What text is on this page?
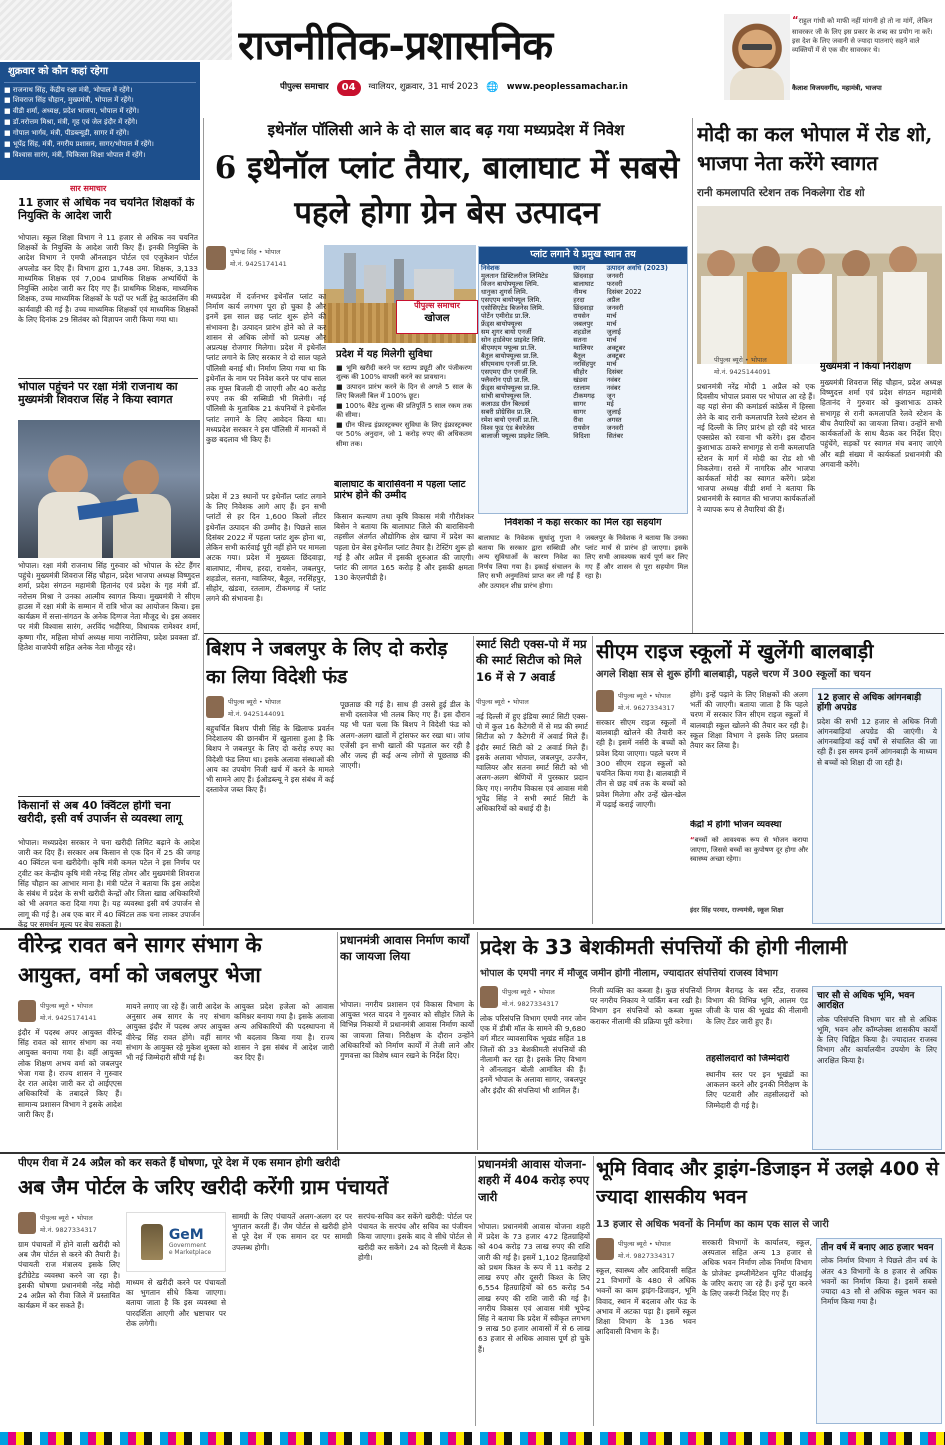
राजनीतिक-प्रशासनिक
पीपुल्स समाचार	04	ग्वालियर, शुक्रवार, 31 मार्च 2023 🌐 www.peoplessamachar.in
“राहुल गांधी को माफी नहीं मांगनी हो तो ना मांगें, लेकिन सावरकर जी के लिए इस प्रकार के शब्द का प्रयोग ना करें। इस देश के लिए जवानी से ज्यादा यातनाएं सहने वाले व्यक्तियों में से एक वीर सावरकर थे।
कैलाश विजयवर्गीय, महामंत्री, भाजपा
शुक्रवार को कौन कहां रहेगा
■ राजनाथ सिंह, केंद्रीय रक्षा मंत्री, भोपाल में रहेंगे।
■ शिवराज सिंह चौहान, मुख्यमंत्री, भोपाल में रहेंगे।
■ वीडी शर्मा, अध्यक्ष, प्रदेश भाजपा, भोपाल में रहेंगे।
■ डॉ.नरोत्तम मिश्रा, मंत्री, गृह एवं जेल इंदौर में रहेंगे।
■ गोपाल भार्गव, मंत्री, पीडब्ल्यूडी, सागर में रहेंगे।
■ भूपेंद्र सिंह, मंत्री, नगरीय प्रशासन, सागर/भोपाल में रहेंगे।
■ विश्वास सारंग, मंत्री, चिकित्सा शिक्षा भोपाल में रहेंगे।
सार समाचार
11 हजार से अधिक नव चयनित शिक्षकों के नियुक्ति के आदेश जारी
भोपाल। स्कूल शिक्षा विभाग ने 11 हजार से अधिक नव चयनित शिक्षकों के नियुक्ति के आदेश जारी किए हैं। इनकी नियुक्ति के आदेश विभाग ने एमपी ऑनलाइन पोर्टल एवं एजुकेशन पोर्टल अपलोड कर दिए हैं। विभाग द्वारा 1,748 उमा. शिक्षक, 3,133 माध्यमिक शिक्षक एवं 7,004 प्राथमिक शिक्षक अभ्यर्थियों के नियुक्ति आदेश जारी कर दिए गए हैं। प्राथमिक शिक्षक, माध्यमिक शिक्षक, उच्च माध्यमिक शिक्षकों के पदों पर भर्ती हेतु काउंसलिंग की कार्यवाही की गई है। उच्च माध्यमिक शिक्षकों एवं माध्यमिक शिक्षकों के लिए दिनांक 29 सितंबर को विज्ञापन जारी किया गया था।
भोपाल पहुंचने पर रक्षा मंत्री राजनाथ का मुख्यमंत्री शिवराज सिंह ने किया स्वागत
भोपाल। रक्षा मंत्री राजनाथ सिंह गुरुवार को भोपाल के स्टेट हैंगर पहुंचे। मुख्यमंत्री शिवराज सिंह चौहान, प्रदेश भाजपा अध्यक्ष विष्णुदत्त शर्मा, प्रदेश संगठन महामंत्री हितानंद एवं प्रदेश के गृह मंत्री डॉ. नरोत्तम मिश्रा ने उनका आत्मीय स्वागत किया। मुख्यमंत्री ने सीएम हाउस में रक्षा मंत्री के सम्मान में रात्रि भोज का आयोजन किया। इस कार्यक्रम में सत्ता-संगठन के अनेक दिग्गज नेता मौजूद थे। इस अवसर पर मंत्री विश्वास सारंग, अरविंद भदौरिया, विधायक रामेश्वर शर्मा, कृष्णा गौर, महिला मोर्चा अध्यक्ष माया नारोलिया, प्रदेश प्रवक्ता डॉ. हितेश वाजपेयी सहित अनेक नेता मौजूद रहे।
किसानों से अब 40 क्विंटल होगी चना खरीदी, इसी वर्ष उपार्जन से व्यवस्था लागू
भोपाल। मध्यप्रदेश सरकार ने चना खरीदी लिमिट बढ़ाने के आदेश जारी कर दिए हैं। सरकार अब किसान से एक दिन में 25 की जगह 40 क्विंटल चना खरीदेगी। कृषि मंत्री कमल पटेल ने इस निर्णय पर ट्वीट कर केन्द्रीय कृषि मंत्री नरेन्द्र सिंह तोमर और मुख्यमंत्री शिवराज सिंह चौहान का आभार माना है। मंत्री पटेल ने बताया कि इस आदेश के संबंध में प्रदेश के सभी खरीदी केन्द्रों और जिला खाद्य अधिकारियों को भी अवगत करा दिया गया है। यह व्यवस्था इसी वर्ष उपार्जन से लागू की गई है। अब एक बार में 40 क्विंटल तक चना लाकर उपार्जन केंद्र पर समर्थन मूल्य पर बेच सकता है।
इथेनॉल पॉलिसी आने के दो साल बाद बढ़ गया मध्यप्रदेश में निवेश
6 इथेनॉल प्लांट तैयार, बालाघाट में सबसे पहले होगा ग्रेन बेस उत्पादन
पुष्पेन्द्र सिंह • भोपाल
मो.नं. 9425174141
पीपुल्स समाचार
खोजल
मध्यप्रदेश में दर्जनभर इथेनॉल प्लांट का निर्माण कार्य लगभग पूरा हो चुका है और इनमें इस साल छह प्लांट शुरू होने की संभावना है। उत्पादन प्रारंभ होने को ले कर शासन से अधिक लोगों को प्रत्यक्ष और अप्रत्यक्ष रोजगार मिलेगा। प्रदेश में इथेनॉल प्लांट लगाने के लिए सरकार ने दो साल पहले पॉलिसी बनाई थी। निर्माण लिया गया था कि इथेनॉल के नाम पर निवेश करने पर पांच साल तक मुफ्त बिजली दी जाएगी और 40 करोड़ रुपए तक की सब्सिडी भी मिलेगी। नई पॉलिसी के मुताबिक 21 कंपनियों ने इथेनॉल प्लांट लगाने के लिए आवेदन किया था। मध्यप्रदेश सरकार ने इस पॉलिसी में मानकों में कुछ बदलाव भी किए हैं।
प्रदेश में 23 स्थानों पर इथेनॉल प्लांट लगाने के लिए निवेशक आगे आए हैं। इन सभी प्लांटों से हर दिन 1,600 किलो लीटर इथेनॉल उत्पादन की उम्मीद है। पिछले साल दिसंबर 2022 में पहला प्लांट शुरू होना था, लेकिन सभी कार्रवाई पूरी नहीं होने पर मामला अटक गया। प्रदेश में मुख्यतः छिंदवाड़ा, बालाघाट, नीमच, हरदा, रायसेन, जबलपुर, शहडोल, सतना, ग्वालियर, बैतूल, नरसिंहपुर, सीहोर, खंडवा, रतलाम, टीकमगढ़ में प्लांट लगने की संभावना है।
प्रदेश में यह मिलेगी सुविधा
■ भूमि खरीदी करने पर स्टाम्प ड्यूटी और पंजीकरण शुल्क की 100% वापसी करने का प्रावधान।
■ उत्पादन प्रारंभ करने के दिन से अगले 5 साल के लिए बिजली बिल में 100% छूट।
■ 100% बैंटेड शुल्क की प्रतिपूर्ति 5 साल रकम तक की सीमा।
■ ग्रीन फील्ड इंफ्रास्ट्रक्चर सुविधा के लिए इंफ्रास्ट्रक्चर पर 50% अनुदान, जो 1 करोड़ रुपए की अधिकतम सीमा तक।
बालाघाट के बारासिवनी में पहला प्लांट प्रारंभ होने की उम्मीद
किसान कल्याण तथा कृषि विकास मंत्री गौरीशंकर बिसेन ने बताया कि बालाघाट जिले की बारासिवनी तहसील अंतर्गत औद्योगिक क्षेत्र खापा में प्रदेश का पहला ग्रेन बेस इथेनॉल प्लांट तैयार है। टेस्टिंग शुरू हो गई है और अप्रैल में इसकी शुरुआत की जाएगी। प्लांट की लागत 165 करोड़ है और इसकी क्षमता 130 केएलपीडी है।
प्लांट लगाने ये प्रमुख स्थान तय
निवेशक	स्थान	उत्पादन अवधि (2023)
मुलतान डिस्टिलरीज लिमिटेड	छिंदवाड़ा	जनवरी
विजन बायोफ्यूल्स लिमि.	बालाघाट	फरवरी
धानुका शुगर्स लिमि.	नीमच	दिसंबर 2022
एसएएम बायोफ्यूल लिमि.	हरदा	अप्रैल
एसोसिएटेड बिजनेस लिमि.	छिंदवाड़ा	जनवरी
पोर्टेन एमीरोड प्रा.लि.	रायसेन	मार्च
फ्रेंड्स बायोफ्यूल्स	जबलपुर	मार्च
सम शुगर बायो एनर्जी	शहडोल	जुलाई
सोन हार्डवेयर प्राइवेट लिमि.	सतना	मार्च
बीएमएम फ्यूल्स प्रा.लि.	ग्वालियर	अक्टूबर
बैतूल बायोफ्यूल्स प्रा.लि.	बैतूल	अक्टूबर
सीएमवाय एनर्जी प्रा.लि.	नरसिंहपुर	मार्च
एसएमए ग्रीन एनर्जी लि.	सीहोर	दिसंबर
फ्लैवरोन एग्रो प्रा.लि.	खंडवा	नवंबर
फ्रैंड्स बायोफ्यूल्स प्रा.लि.	रतलाम	नवंबर
सांची बायोफ्यूल्स लि.	टीकमगढ़	जून
कलाउड ग्रीन बिल्डर्स	सागर	मई
सबरी प्रोग्रेसिव प्रा.लि.	सागर	जुलाई
रमेश बायो एनर्जी प्रा.लि.	रीवा	अगस्त
विश्व फूड एंड बेवरेजेस	रायसेन	जनवरी
बालाजी फ्यूल्स प्राइवेट लिमि.	विदिशा	सितंबर
निवेशकों ने कहा सरकार का मिल रहा सहयोग
बालाघाट के निवेशक सुधांशु गुप्ता ने बताया कि सरकार द्वारा सब्सिडी और अन्य सुविधाओं के कारण निवेश का निर्णय लिया गया है। इकाई संचालन के लिए सभी अनुमतियां प्राप्त कर ली गई हैं और उत्पादन शीघ्र प्रारंभ होगा।
जबलपुर के निवेशक ने बताया कि उनका प्लांट मार्च से प्रारंभ हो जाएगा। इसके लिए सभी आवश्यक कार्य पूर्ण कर लिए गए हैं और शासन से पूरा सहयोग मिल रहा है।
मोदी का कल भोपाल में रोड शो, भाजपा नेता करेंगे स्वागत
रानी कमलापति स्टेशन तक निकलेगा रोड शो
पीपुल्स ब्यूरो • भोपाल
मो.नं. 9425144091
प्रधानमंत्री नरेंद्र मोदी 1 अप्रैल को एक दिवसीय भोपाल प्रवास पर भोपाल आ रहे हैं। वह यहां सेना की कमांडर्स कांफ्रेंस में हिस्सा लेने के बाद रानी कमलापति रेलवे स्टेशन से नई दिल्ली के लिए प्रारंभ हो रही वंदे भारत एक्सप्रेस को रवाना भी करेंगे। इस दौरान कुशाभाऊ ठाकरे सभागृह से रानी कमलापति स्टेशन के मार्ग में मोदी का रोड शो भी निकलेगा। रास्ते में नागरिक और भाजपा कार्यकर्ता मोदी का स्वागत करेंगे। प्रदेश भाजपा अध्यक्ष वीडी शर्मा ने बताया कि प्रधानमंत्री के स्वागत की भाजपा कार्यकर्ताओं ने व्यापक रूप से तैयारियां की हैं।
मुख्यमंत्री ने किया निरीक्षण
मुख्यमंत्री शिवराज सिंह चौहान, प्रदेश अध्यक्ष विष्णुदत्त शर्मा एवं प्रदेश संगठन महामंत्री हितानंद ने गुरुवार को कुशाभाऊ ठाकरे सभागृह से रानी कमलापति रेलवे स्टेशन के बीच तैयारियों का जायजा लिया। उन्होंने सभी कार्यकर्ताओं के साथ बैठक कर निर्देश दिए। पहुंचेंगे, सड़कों पर स्वागत मंच बनाए जाएंगे और बड़ी संख्या में कार्यकर्ता प्रधानमंत्री की अगवानी करेंगे।
बिशप ने जबलपुर के लिए दो करोड़ का लिया विदेशी फंड
पीपुल्स ब्यूरो • भोपाल
मो.नं. 9425144091
बहुचर्चित बिशप पीसी सिंह के खिलाफ प्रवर्तन निदेशालय की छानबीन में खुलासा हुआ है कि बिशप ने जबलपुर के लिए दो करोड़ रुपए का विदेशी फंड लिया था। इसके अलावा संस्थाओं की आय का उपयोग निजी खर्च में करने के मामले भी सामने आए हैं। ईओडब्ल्यू ने इस संबंध में कई दस्तावेज जब्त किए हैं।
पूछताछ की गई है। साथ ही उससे हुई डील के सभी दस्तावेज भी तलब किए गए हैं। इस दौरान यह भी पता चला कि बिशप ने विदेशी फंड को अलग-अलग खातों में ट्रांसफर कर रखा था। जांच एजेंसी इन सभी खातों की पड़ताल कर रही है और जल्द ही कई अन्य लोगों से पूछताछ की जाएगी।
स्मार्ट सिटी एक्स-पो में मप्र की स्मार्ट सिटीज को मिले 16 में से 7 अवार्ड
पीपुल्स ब्यूरो • भोपाल
नई दिल्ली में हुए इंडिया स्मार्ट सिटी एक्स-पो में कुल 16 कैटेगरी में से मप्र की स्मार्ट सिटीज को 7 कैटेगरी में अवार्ड मिले हैं। इंदौर स्मार्ट सिटी को 2 अवार्ड मिले हैं। इसके अलावा भोपाल, जबलपुर, उज्जैन, ग्वालियर और सतना स्मार्ट सिटी को भी अलग-अलग श्रेणियों में पुरस्कार प्रदान किए गए। नगरीय विकास एवं आवास मंत्री भूपेंद्र सिंह ने सभी स्मार्ट सिटी के अधिकारियों को बधाई दी है।
सीएम राइज स्कूलों में खुलेंगी बालबाड़ी
अगले शिक्षा सत्र से शुरू होंगी बालबाड़ी, पहले चरण में 300 स्कूलों का चयन
पीपुल्स ब्यूरो • भोपाल
मो.नं. 9627334317
सरकार सीएम राइज स्कूलों में बालबाड़ी खोलने की तैयारी कर रही है। इसमें नर्सरी के बच्चों को प्रवेश दिया जाएगा। पहले चरण में 300 सीएम राइज स्कूलों को चयनित किया गया है। बालबाड़ी में तीन से छह वर्ष तक के बच्चों को प्रवेश मिलेगा और उन्हें खेल-खेल में पढ़ाई कराई जाएगी।
होंगे। इन्हें पढ़ाने के लिए शिक्षकों की अलग भर्ती की जाएगी। बताया जाता है कि पहले चरण में सरकार जिन सीएम राइज स्कूलों में बालबाड़ी स्कूल खोलने की तैयार कर रही है। स्कूल शिक्षा विभाग ने इसके लिए प्रस्ताव तैयार कर लिया है।
केंद्रों में होगी भोजन व्यवस्था
“बच्चों को आवश्यक रूप से भोजन कराया जाएगा, जिससे बच्चों का कुपोषण दूर होगा और स्वास्थ्य अच्छा रहेगा।
इंदर सिंह परमार, राज्यमंत्री, स्कूल शिक्षा
12 हजार से अधिक आंगनबाड़ी होंगी अपग्रेड
प्रदेश की सभी 12 हजार से अधिक निजी आंगनबाड़ियां अपग्रेड की जाएंगी। ये आंगनबाड़ियां कई वर्षों से संचालित की जा रही हैं। इस समय इनमें आंगनबाड़ी के माध्यम से बच्चों को शिक्षा दी जा रही है।
वीरेन्द्र रावत बने सागर संभाग के आयुक्त, वर्मा को जबलपुर भेजा
पीपुल्स ब्यूरो • भोपाल
मो.नं. 9425174141
इंदौर में पदस्थ अपर आयुक्त वीरेन्द्र सिंह रावत को सागर संभाग का नया आयुक्त बनाया गया है। वहीं आयुक्त लोक शिक्षण अभय वर्मा को जबलपुर भेजा गया है। राज्य शासन ने गुरुवार देर रात आदेश जारी कर दो आईएएस अधिकारियों के तबादले किए हैं। सामान्य प्रशासन विभाग ने इसके आदेश जारी किए हैं।
मायने लगाए जा रहे हैं। जारी आदेश के अनुसार अब सागर के नए संभाग आयुक्त इंदौर में पदस्थ अपर आयुक्त वीरेन्द्र सिंह रावत होंगे। वहीं सागर संभाग के आयुक्त रहे मुकेश शुक्ला को भी नई जिम्मेदारी सौंपी गई है।
आयुक्त प्रदेश हजेला को आवास कमिश्नर बनाया गया है। इसके अलावा अन्य अधिकारियों की पदस्थापना में भी बदलाव किया गया है। राज्य शासन ने इस संबंध में आदेश जारी कर दिए हैं।
प्रधानमंत्री आवास निर्माण कार्यों का जायजा लिया
भोपाल। नगरीय प्रशासन एवं विकास विभाग के आयुक्त भरत यादव ने गुरुवार को सीहोर जिले के विभिन्न निकायों में प्रधानमंत्री आवास निर्माण कार्यों का जायजा लिया। निरीक्षण के दौरान उन्होंने अधिकारियों को निर्माण कार्यों में तेजी लाने और गुणवत्ता का विशेष ध्यान रखने के निर्देश दिए।
प्रदेश के 33 बेशकीमती संपत्तियों की होगी नीलामी
भोपाल के एमपी नगर में मौजूद जमीन होगी नीलाम, ज्यादातर संपत्तियां राजस्व विभाग
पीपुल्स ब्यूरो • भोपाल
मो.नं. 9827334317
लोक परिसंपत्ति विभाग एमपी नगर जोन एक में डीबी मॉल के सामने की 9,680 वर्ग मीटर व्यावसायिक भूखंड सहित 18 जिलों की 33 बेशकीमती संपत्तियों की नीलामी कर रहा है। इसके लिए विभाग ने ऑनलाइन बोली आमंत्रित की हैं। इनमें भोपाल के अलावा सागर, जबलपुर और इंदौर की संपत्तियां भी शामिल हैं।
निजी व्यक्ति का कब्जा है। कुछ संपत्तियों पर नगरीय निकाय ने पार्किंग बना रखी है। विभाग इन संपत्तियों को कब्जा मुक्त कराकर नीलामी की प्रक्रिया पूरी करेगा।
निगम बैरागढ़ के बस स्टैंड, राजस्व विभाग की विभिन्न भूमि, आलम एंड जीजी के पास की भूखंड की नीलामी के लिए टेंडर जारी हुए हैं।
तहसीलदारों को जिम्मेदारी
स्थानीय स्तर पर इन भूखंडों का आकलन करने और इनकी निरीक्षण के लिए पटवारी और तहसीलदारों को जिम्मेदारी दी गई है।
चार सौ से अधिक भूमि, भवन आरक्षित
लोक परिसंपत्ति विभाग चार सौ से अधिक भूमि, भवन और कॉम्प्लेक्स शासकीय कार्यों के लिए चिह्नित किया है। ज्यादातर राजस्व विभाग और कार्यालयीन उपयोग के लिए आरक्षित किया है।
पीएम रीवा में 24 अप्रैल को कर सकते हैं घोषणा, पूरे देश में एक समान होगी खरीदी
अब जैम पोर्टल के जरिए खरीदी करेंगी ग्राम पंचायतें
पीपुल्स ब्यूरो • भोपाल
मो.नं. 9827334317
ग्राम पंचायतों में होने वाली खरीदी को अब जैम पोर्टल से करने की तैयारी है। पंचायती राज मंत्रालय इसके लिए इंटीग्रेटेड व्यवस्था करने जा रहा है। इसकी घोषणा प्रधानमंत्री नरेंद्र मोदी 24 अप्रैल को रीवा जिले में प्रस्तावित कार्यक्रम में कर सकते हैं।
GeM
Government
e Marketplace
माध्यम से खरीदी करने पर पंचायतों का भुगतान सीधे किया जाएगा। बताया जाता है कि इस व्यवस्था से पारदर्शिता आएगी और भ्रष्टाचार पर रोक लगेगी।
सामग्री के लिए पंचायतें अलग-अलग दर पर भुगतान करती हैं। जैम पोर्टल से खरीदी होने से पूरे देश में एक समान दर पर सामग्री उपलब्ध होगी।
सरपंच-सचिव कर सकेंगे खरीदी: पोर्टल पर पंचायत के सरपंच और सचिव का पंजीयन किया जाएगा। इसके बाद वे सीधे पोर्टल से खरीदी कर सकेंगे। 24 को दिल्ली में बैठक होगी।
प्रधानमंत्री आवास योजना-शहरी में 404 करोड़ रुपए जारी
भोपाल। प्रधानमंत्री आवास योजना शहरी में प्रदेश के 73 हजार 472 हितग्राहियों को 404 करोड़ 73 लाख रुपए की राशि जारी की गई है। इसमें 1,102 हितग्राहियों को प्रथम किश्त के रूप में 11 करोड़ 2 लाख रुपए और दूसरी किश्त के लिए 6,554 हितग्राहियों को 65 करोड़ 54 लाख रुपए की राशि जारी की गई है। नगरीय विकास एवं आवास मंत्री भूपेन्द्र सिंह ने बताया कि प्रदेश में स्वीकृत लगभग 9 लाख 50 हजार आवासों में से 6 लाख 63 हजार से अधिक आवास पूर्ण हो चुके हैं।
भूमि विवाद और ड्राइंग-डिजाइन में उलझे 400 से ज्यादा शासकीय भवन
13 हजार से अधिक भवनों के निर्माण का काम एक साल से जारी
पीपुल्स ब्यूरो • भोपाल
मो.नं. 9827334317
स्कूल, स्वास्थ्य और आदिवासी सहित 21 विभागों के 480 से अधिक भवनों का काम ड्राइंग-डिजाइन, भूमि विवाद, स्थान में बदलाव और फंड के अभाव में अटका पड़ा है। इसमें स्कूल शिक्षा विभाग के 136 भवन आदिवासी विभाग के हैं।
सरकारी विभागों के कार्यालय, स्कूल, अस्पताल सहित अन्य 13 हजार से अधिक भवन निर्माण लोक निर्माण विभाग के प्रोजेक्ट इम्प्लीमेंटेशन यूनिट पीआईयू के जरिए कराए जा रहे हैं। इन्हें पूरा करने के लिए जरूरी निर्देश दिए गए हैं।
तीन वर्ष में बनाए आठ हजार भवन
लोक निर्माण विभाग ने पिछले तीन वर्ष के अंतर 43 विभागों के 8 हजार से अधिक भवनों का निर्माण किया है। इसमें सबसे ज्यादा 43 सौ से अधिक स्कूल भवन का निर्माण किया गया है।
